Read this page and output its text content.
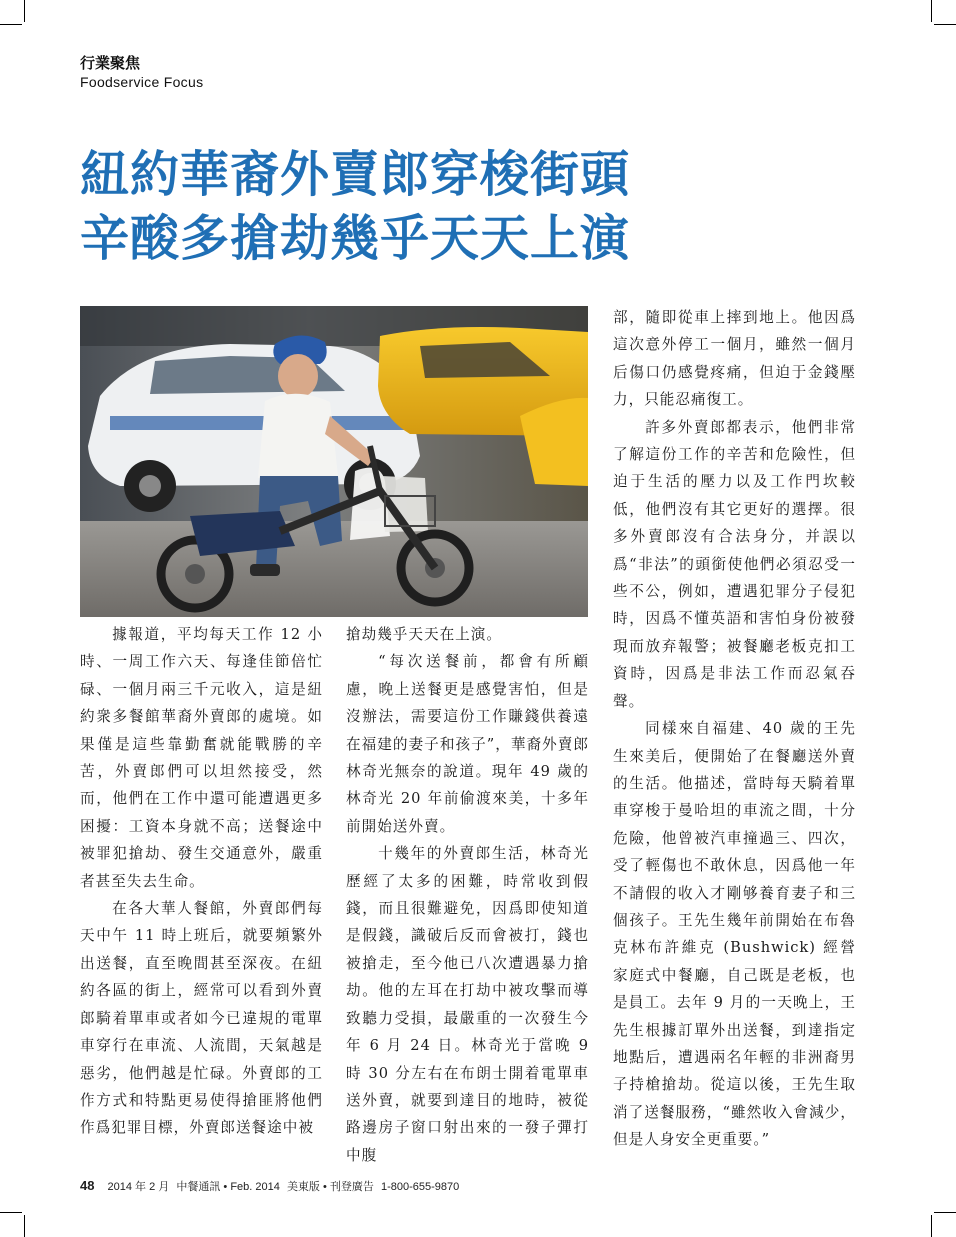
行業聚焦
Foodservice Focus
紐約華裔外賣郎穿梭街頭
辛酸多搶劫幾乎天天上演

據報道，平均每天工作 12 小時、一周工作六天、每逢佳節倍忙碌、一個月兩三千元收入，這是紐約衆多餐館華裔外賣郎的處境。如果僅是這些靠勤奮就能戰勝的辛苦，外賣郎們可以坦然接受，然而，他們在工作中還可能遭遇更多困擾：工資本身就不高；送餐途中被罪犯搶劫、發生交通意外，嚴重者甚至失去生命。

在各大華人餐館，外賣郎們每天中午 11 時上班后，就要頻繁外出送餐，直至晚間甚至深夜。在紐約各區的街上，經常可以看到外賣郎騎着單車或者如今已違規的電單車穿行在車流、人流間，天氣越是惡劣，他們越是忙碌。外賣郎的工作方式和特點更易使得搶匪將他們作爲犯罪目標，外賣郎送餐途中被

搶劫幾乎天天在上演。

“每次送餐前，都會有所顧慮，晚上送餐更是感覺害怕，但是沒辦法，需要這份工作賺錢供養遠在福建的妻子和孩子”，華裔外賣郎林奇光無奈的說道。現年 49 歲的林奇光 20 年前偷渡來美，十多年前開始送外賣。

十幾年的外賣郎生活，林奇光歷經了太多的困難，時常收到假錢，而且很難避免，因爲即使知道是假錢，識破后反而會被打，錢也被搶走，至今他已八次遭遇暴力搶劫。他的左耳在打劫中被攻擊而導致聽力受損，最嚴重的一次發生今年 6 月 24 日。林奇光于當晚 9 時 30 分左右在布朗士開着電單車送外賣，就要到達目的地時，被從路邊房子窗口射出來的一發子彈打中腹

部，隨即從車上摔到地上。他因爲這次意外停工一個月，雖然一個月后傷口仍感覺疼痛，但迫于金錢壓力，只能忍痛復工。

許多外賣郎都表示，他們非常了解這份工作的辛苦和危險性，但迫于生活的壓力以及工作門坎較低，他們沒有其它更好的選擇。很多外賣郎沒有合法身分，并誤以爲“非法”的頭銜使他們必須忍受一些不公，例如，遭遇犯罪分子侵犯時，因爲不懂英語和害怕身份被發現而放弃報警；被餐廳老板克扣工資時，因爲是非法工作而忍氣吞聲。

同樣來自福建、40 歲的王先生來美后，便開始了在餐廳送外賣的生活。他描述，當時每天騎着單車穿梭于曼哈坦的車流之間，十分危險，他曾被汽車撞過三、四次，受了輕傷也不敢休息，因爲他一年不請假的收入才剛够養育妻子和三個孩子。王先生幾年前開始在布魯克林布許維克 (Bushwick) 經營家庭式中餐廳，自己既是老板，也是員工。去年 9 月的一天晚上，王先生根據訂單外出送餐，到達指定地點后，遭遇兩名年輕的非洲裔男子持槍搶劫。從這以後，王先生取消了送餐服務，“雖然收入會減少，但是人身安全更重要。”

48 2014 年 2 月 中餐通訊 • Feb. 2014 美東版 • 刊登廣告 1-800-655-9870
